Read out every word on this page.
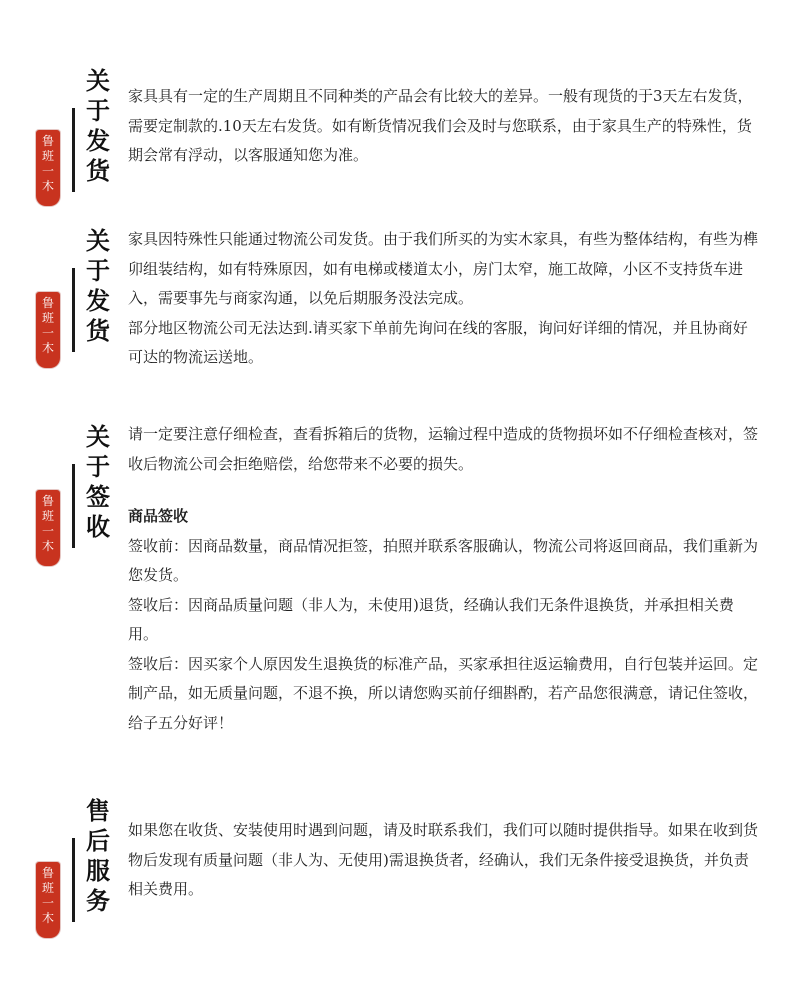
关
于
发
货
鲁
班
一
木

家具具有一定的生产周期且不同种类的产品会有比较大的差异。一般有现货的于3天左右发货，需要定制款的.10天左右发货。如有断货情况我们会及时与您联系，由于家具生产的特殊性，货期会常有浮动，以客服通知您为准。

关
于
发
货
鲁
班
一
木

家具因特殊性只能通过物流公司发货。由于我们所买的为实木家具，有些为整体结构，有些为榫卯组装结构，如有特殊原因，如有电梯或楼道太小，房门太窄，施工故障，小区不支持货车进入，需要事先与商家沟通，以免后期服务没法完成。

部分地区物流公司无法达到.请买家下单前先询问在线的客服，询问好详细的情况，并且协商好可达的物流运送地。

关
于
签
收
鲁
班
一
木

请一定要注意仔细检查，查看拆箱后的货物，运输过程中造成的货物损坏如不仔细检查核对，签收后物流公司会拒绝赔偿，给您带来不必要的损失。

商品签收

签收前：因商品数量，商品情况拒签，拍照并联系客服确认，物流公司将返回商品，我们重新为您发货。

签收后：因商品质量问题（非人为，未使用)退货，经确认我们无条件退换货，并承担相关费用。

签收后：因买家个人原因发生退换货的标准产品，买家承担往返运输费用，自行包装并运回。定制产品，如无质量问题，不退不换，所以请您购买前仔细斟酌，若产品您很满意，请记住签收，给子五分好评！

售
后
服
务
鲁
班
一
木

如果您在收货、安装使用时遇到问题，请及时联系我们，我们可以随时提供指导。如果在收到货物后发现有质量问题（非人为、无使用)需退换货者，经确认，我们无条件接受退换货，并负责相关费用。
